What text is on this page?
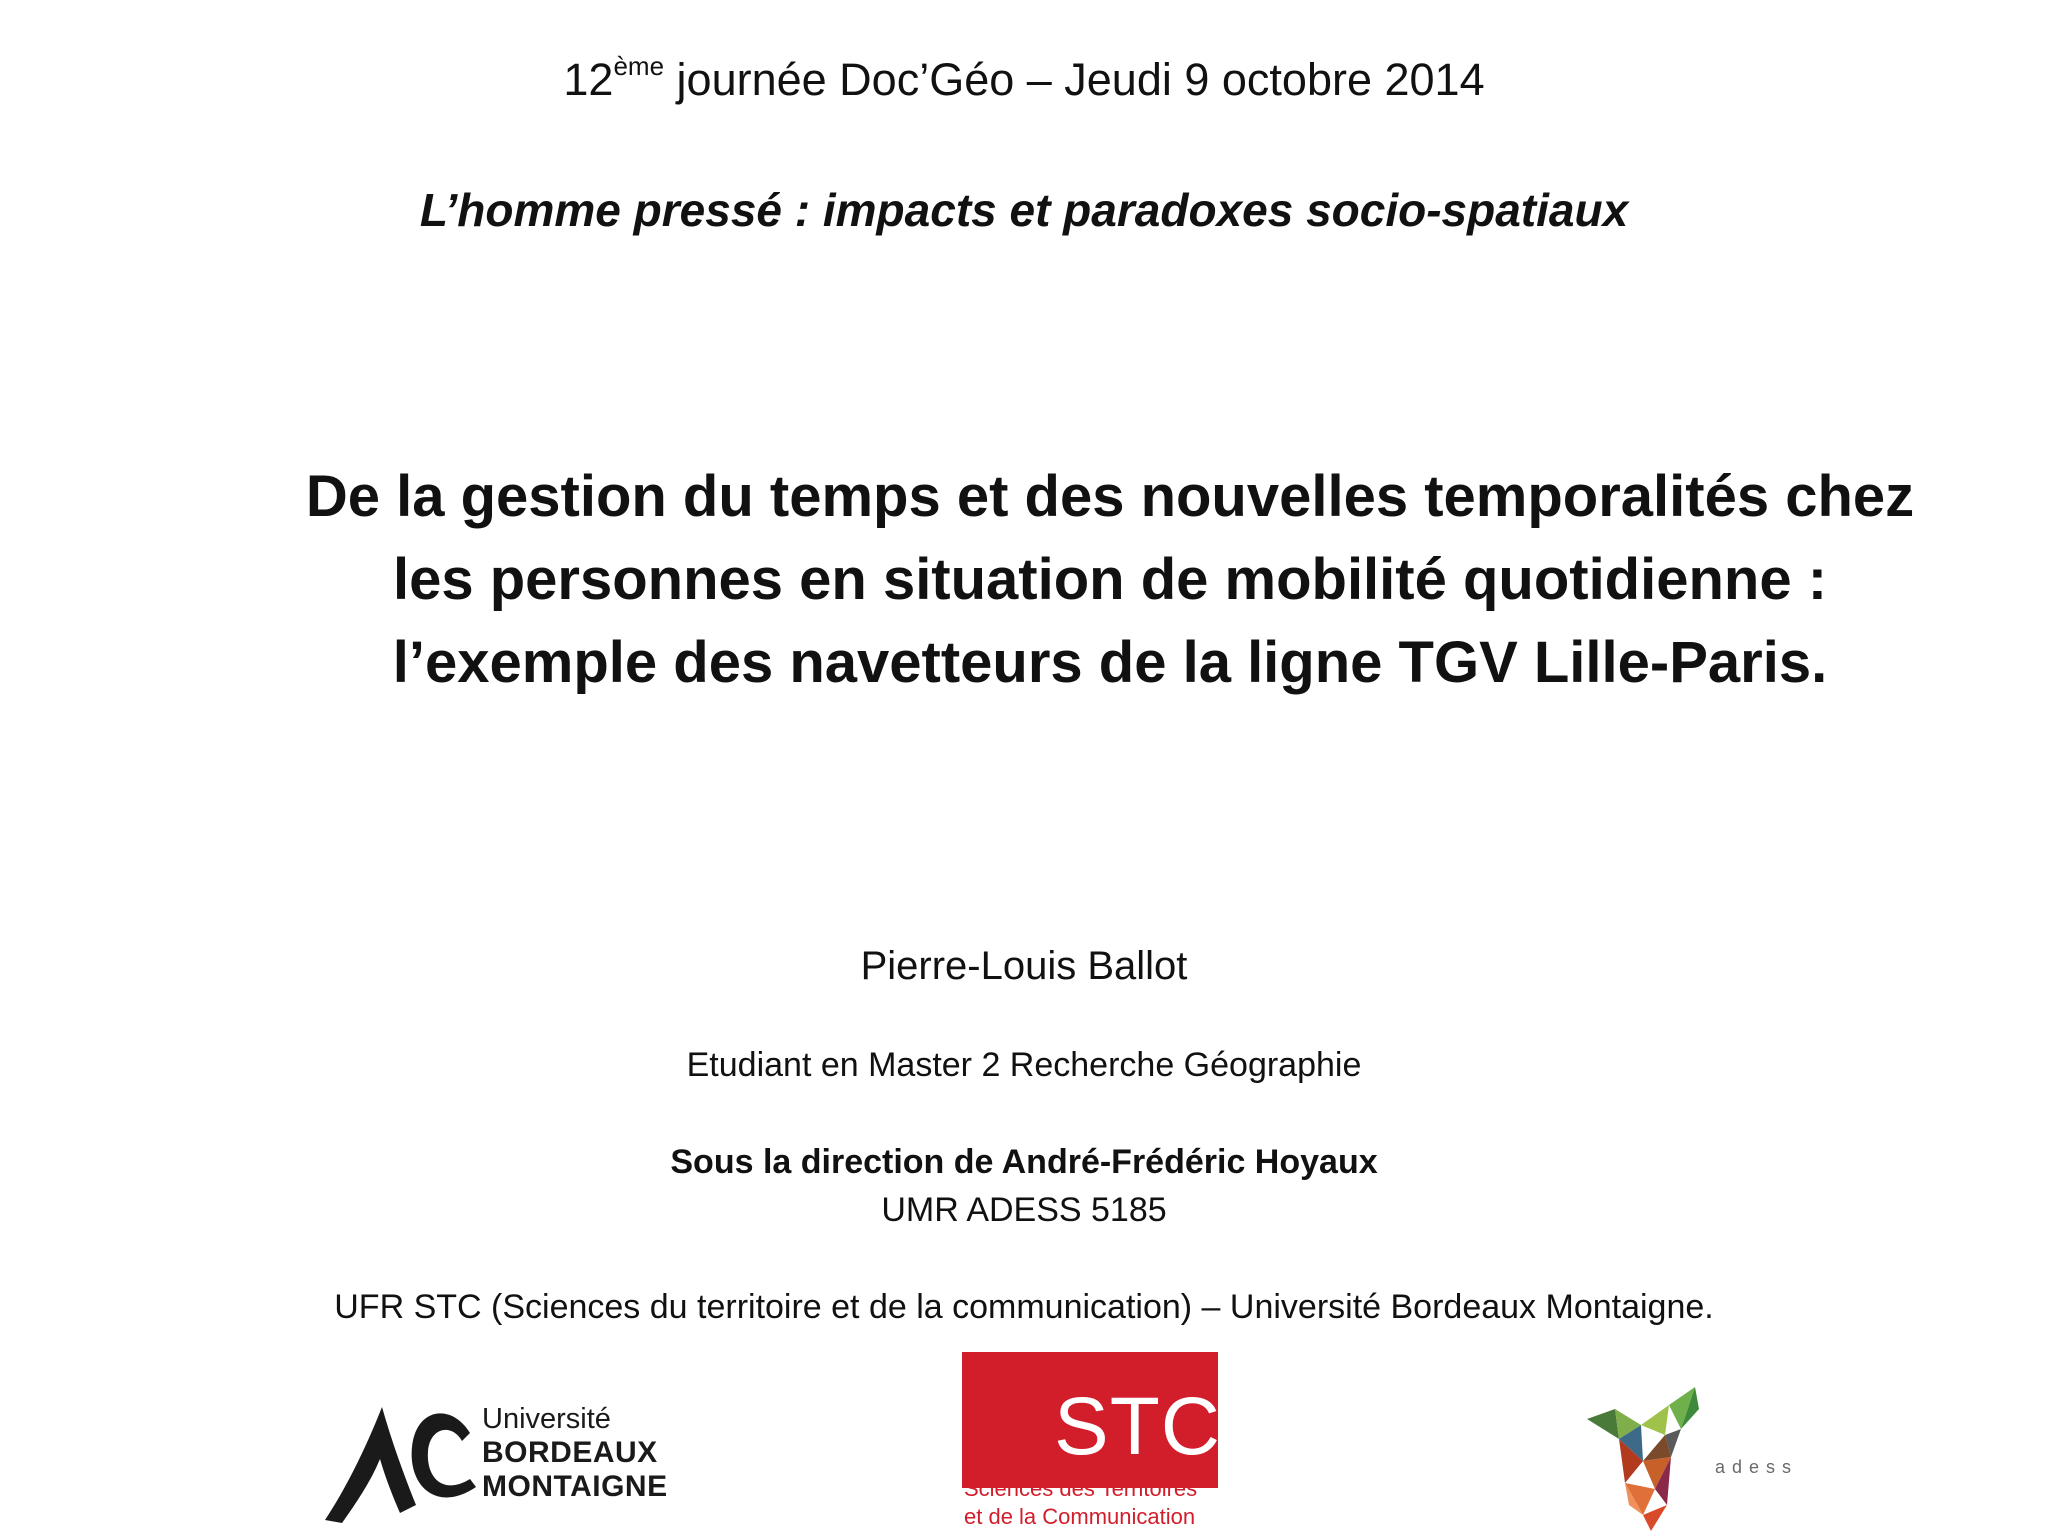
12ème journée Doc’Géo – Jeudi 9 octobre 2014
L’homme pressé : impacts et paradoxes socio-spatiaux
De la gestion du temps et des nouvelles temporalités chez
les personnes en situation de mobilité quotidienne :
l’exemple des navetteurs de la ligne TGV Lille-Paris.
Pierre-Louis Ballot
Etudiant en Master 2 Recherche Géographie
Sous la direction de André-Frédéric Hoyaux
UMR ADESS 5185
UFR STC (Sciences du territoire et de la communication) – Université Bordeaux Montaigne.
Université
BORDEAUX
MONTAIGNE
STC
Sciences des Territoires
et de la Communication
adess
